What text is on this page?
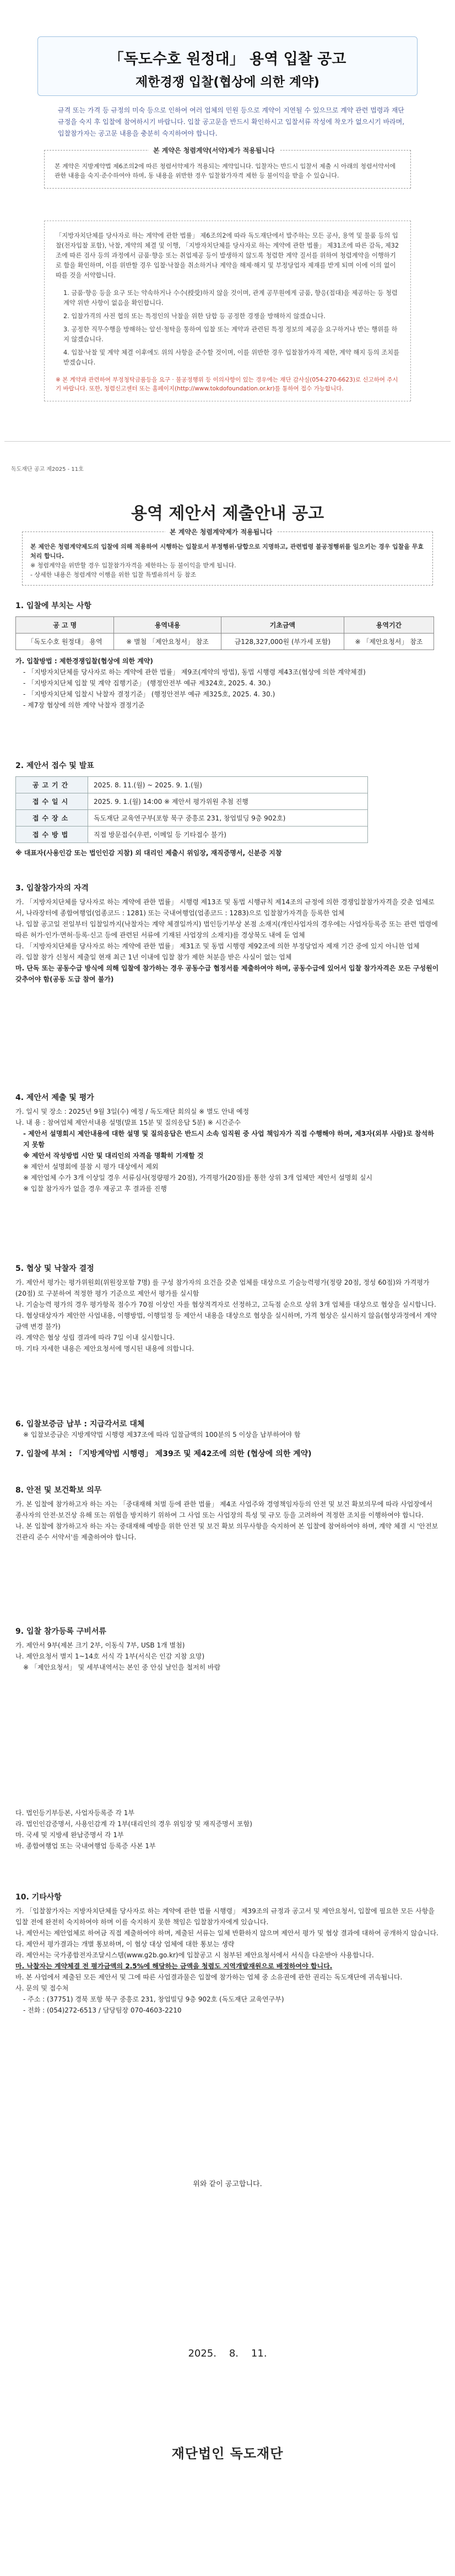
「독도수호 원정대」 용역 입찰 공고
제한경쟁 입찰(협상에 의한 계약)

규격 또는 가격 등 규정의 미숙 등으로 인하여 여러 업체의 민원 등으로 계약이 지연될 수 있으므로 계약 관련 법령과 재단 규정을 숙지 후 입찰에 참여하시기 바랍니다. 입찰 공고문을 반드시 확인하시고 입찰서류 작성에 착오가 없으시기 바라며, 입찰참가자는 공고문 내용을 충분히 숙지하여야 합니다.

본 계약은 청렴계약(서약)제가 적용됩니다
본 계약은 지방계약법 제6조의2에 따른 청렴서약제가 적용되는 계약입니다. 입찰자는 반드시 입찰서 제출 시 아래의 청렴서약서에 관한 내용을 숙지·준수하여야 하며, 동 내용을 위반한 경우 입찰참가자격 제한 등 불이익을 받을 수 있습니다.

「지방자치단체를 당사자로 하는 계약에 관한 법률」 제6조의2에 따라 독도재단에서 발주하는 모든 공사, 용역 및 물품 등의 입찰(전자입찰 포함), 낙찰, 계약의 체결 및 이행, 「지방자치단체를 당사자로 하는 계약에 관한 법률」 제31조에 따른 감독, 제32조에 따른 검사 등의 과정에서 금품·향응 또는 취업제공 등이 발생하지 않도록 청렴한 계약 질서를 위하여 청렴계약을 이행하기로 함을 확인하며, 이를 위반할 경우 입찰·낙찰을 취소하거나 계약을 해제·해지 및 부정당업자 제재를 받게 되며 이에 이의 없이 따를 것을 서약합니다.

1. 금품·향응 등을 요구 또는 약속하거나 수수(授受)하지 않을 것이며, 관계 공무원에게 금품, 향응(접대)을 제공하는 등 청렴계약 위반 사항이 없음을 확인합니다.

2. 입찰가격의 사전 협의 또는 특정인의 낙찰을 위한 담합 등 공정한 경쟁을 방해하지 않겠습니다.

3. 공정한 직무수행을 방해하는 알선·청탁을 통하여 입찰 또는 계약과 관련된 특정 정보의 제공을 요구하거나 받는 행위를 하지 않겠습니다.

4. 입찰·낙찰 및 계약 체결 이후에도 위의 사항을 준수할 것이며, 이를 위반한 경우 입찰참가자격 제한, 계약 해지 등의 조치를 받겠습니다.

※ 본 계약과 관련하여 부정청탁금품등을 요구 · 불공정행위 등 이의사항이 있는 경우에는 재단 감사실(054-270-6623)로 신고하여 주시기 바랍니다. 또한, 청렴신고센터 또는 홈페이지(http://www.tokdofoundation.or.kr)를 통하여 접수 가능합니다.

독도재단 공고 제2025 - 11호
용역 제안서 제출안내 공고
본 계약은 청렴계약제가 적용됩니다

본 제안은 청렴계약제도의 입찰에 의해 적용하여 시행하는 입찰로서 부정행위·담합으로 지명하고, 관련법령 불공정행위를 일으키는 경우 입찰을 무효처리 합니다.

※ 청렴계약을 위반할 경우 입찰참가자격을 제한하는 등 불이익을 받게 됩니다.

- 상세한 내용은 청렴계약 이행을 위한 입찰 특별유의서 등 참조

1. 입찰에 부치는 사항
공 고 명	용역내용	기초금액	용역기간
「독도수호 원정대」 용역	※ 별첨 「제안요청서」 참조	금128,327,000원 (부가세 포함)	※ 「제안요청서」 참조

가. 입찰방법 : 제한경쟁입찰(협상에 의한 계약)

- 「지방자치단체를 당사자로 하는 계약에 관한 법률」 제9조(계약의 방법), 동법 시행령 제43조(협상에 의한 계약체결)

- 「지방자치단체 입찰 및 계약 집행기준」 (행정안전부 예규 제324호, 2025. 4. 30.)

- 「지방자치단체 입찰시 낙찰자 결정기준」 (행정안전부 예규 제325호, 2025. 4. 30.)

- 제7장 협상에 의한 계약 낙찰자 결정기준

2. 제안서 접수 및 발표
공고기간	2025. 8. 11.(월) ~ 2025. 9. 1.(월)
접수일시	2025. 9. 1.(월) 14:00 ※ 제안서 평가위원 추첨 진행
접수장소	독도재단 교육연구부(포항 북구 중흥로 231, 창업빌딩 9층 902호)
접수방법	직접 방문접수(우편, 이메일 등 기타접수 불가)

※ 대표자(사용인감 또는 법인인감 지참) 외 대리인 제출시 위임장, 재직증명서, 신분증 지참

3. 입찰참가자의 자격

가. 「지방자치단체를 당사자로 하는 계약에 관한 법률」 시행령 제13조 및 동법 시행규칙 제14조의 규정에 의한 경쟁입찰참가자격을 갖춘 업체로서, 나라장터에 종합여행업(업종코드 : 1281) 또는 국내여행업(업종코드 : 1283)으로 입찰참가자격을 등록한 업체

나. 입찰 공고일 전일부터 입찰일까지(낙찰자는 계약 체결일까지) 법인등기부상 본점 소재지(개인사업자의 경우에는 사업자등록증 또는 관련 법령에 따른 허가·인가·면허·등록·신고 등에 관련된 서류에 기재된 사업장의 소재지)를 경상북도 내에 둔 업체

다. 「지방자치단체를 당사자로 하는 계약에 관한 법률」 제31조 및 동법 시행령 제92조에 의한 부정당업자 제재 기간 중에 있지 아니한 업체

라. 입찰 참가 신청서 제출일 현재 최근 1년 이내에 입찰 참가 제한 처분을 받은 사실이 없는 업체

마. 단독 또는 공동수급 방식에 의해 입찰에 참가하는 경우 공동수급 협정서를 제출하여야 하며, 공동수급에 있어서 입찰 참가자격은 모든 구성원이 갖추어야 함(공동 도급 참여 불가)

4. 제안서 제출 및 평가

가. 일시 및 장소 : 2025년 9월 3일(수) 예정 / 독도재단 회의실 ※ 별도 안내 예정

나. 내 용 : 참여업체 제안서내용 설명(발표 15분 및 질의응답 5분) ※ 시간준수

- 제안서 설명회시 제안내용에 대한 설명 및 질의응답은 반드시 소속 임직원 중 사업 책임자가 직접 수행해야 하며, 제3자(외부 사람)로 참석하지 못함

※ 제안서 작성방법 시안 및 대리인의 자격을 명확히 기재할 것

※ 제안서 설명회에 불참 시 평가 대상에서 제외

※ 제안업체 수가 3개 이상일 경우 서류심사(정량평가 20점), 가격평가(20점)를 통한 상위 3개 업체만 제안서 설명회 실시

※ 입찰 참가자가 없을 경우 재공고 후 결과를 진행

5. 협상 및 낙찰자 결정

가. 제안서 평가는 평가위원회(위원장포함 7명) 를 구성 참가자의 요건을 갖춘 업체를 대상으로 기술능력평가(정량 20점, 정성 60점)와 가격평가(20점) 로 구분하여 적정한 평가 기준으로 제안서 평가를 실시함

나. 기술능력 평가의 경우 평가항목 점수가 70점 이상인 자를 협상적격자로 선정하고, 고득점 순으로 상위 3개 업체를 대상으로 협상을 실시합니다.

다. 협상대상자가 제안한 사업내용, 이행방법, 이행일정 등 제안서 내용을 대상으로 협상을 실시하며, 가격 협상은 실시하지 않음(협상과정에서 계약금액 변경 불가)

라. 계약은 협상 성립 결과에 따라 7일 이내 실시합니다.

마. 기타 자세한 내용은 제안요청서에 명시된 내용에 의합니다.

6. 입찰보증금 납부 : 지급각서로 대체

※ 입찰보증금은 지방계약법 시행령 제37조에 따라 입찰금액의 100분의 5 이상을 납부하여야 함

7. 입찰에 부쳐 : 「지방계약법 시행령」 제39조 및 제42조에 의한 (협상에 의한 계약)
8. 안전 및 보건확보 의무

가. 본 입찰에 참가하고자 하는 자는 「중대재해 처벌 등에 관한 법률」 제4조 사업주와 경영책임자등의 안전 및 보건 확보의무에 따라 사업장에서 종사자의 안전·보건상 유해 또는 위험을 방지하기 위하여 그 사업 또는 사업장의 특성 및 규모 등을 고려하여 적정한 조치를 이행하여야 합니다.

나. 본 입찰에 참가하고자 하는 자는 중대재해 예방을 위한 안전 및 보건 확보 의무사항을 숙지하여 본 입찰에 참여하여야 하며, 계약 체결 시 '안전보건관리 준수 서약서'를 제출하여야 합니다.

9. 입찰 참가등록 구비서류

가. 제안서 9부(제본 크기 2부, 이동식 7부, USB 1개 별첨)

나. 제안요청서 별지 1~14호 서식 각 1부(서식은 인감 지참 요망)

※ 「제안요청서」 및 세부내역서는 본인 중 안심 날인을 철저히 바람

다. 법인등기부등본, 사업자등록증 각 1부

라. 법인인감증명서, 사용인감계 각 1부(대리인의 경우 위임장 및 재직증명서 포함)

마. 국세 및 지방세 완납증명서 각 1부

바. 종합여행업 또는 국내여행업 등록증 사본 1부

10. 기타사항

가. 「입찰참가자는 지방자치단체를 당사자로 하는 계약에 관한 법률 시행령」 제39조의 규정과 공고서 및 제안요청서, 입찰에 필요한 모든 사항을 입찰 전에 완전히 숙지하여야 하며 이를 숙지하지 못한 책임은 입찰참가자에게 있습니다.

나. 제안서는 제안업체로 하여금 직접 제출하여야 하며, 제출된 서류는 일체 반환하지 않으며 제안서 평가 및 협상 결과에 대하여 공개하지 않습니다.

다. 제안서 평가결과는 개별 통보하며, 이 협상 대상 업체에 대한 통보는 생략

라. 제안서는 국가종합전자조달시스템(www.g2b.go.kr)에 입찰공고 시 첨부된 제안요청서에서 서식을 다운받아 사용합니다.

마. 낙찰자는 계약체결 전 평가금액의 2.5%에 해당하는 금액을 청렴도 지역개발재원으로 배정하여야 합니다.

바. 본 사업에서 제출된 모든 제안서 및 그에 따른 사업결과물은 입찰에 참가하는 업체 중 소유권에 관한 권리는 독도재단에 귀속됩니다.

사. 문의 및 접수처

- 주소 : (37751) 경북 포항 북구 중흥로 231, 창업빌딩 9층 902호 (독도재단 교육연구부)

- 전화 : (054)272-6513 / 담당팀장 070-4603-2210

위와 같이 공고합니다.
2025.    8.    11.
재단법인 독도재단
